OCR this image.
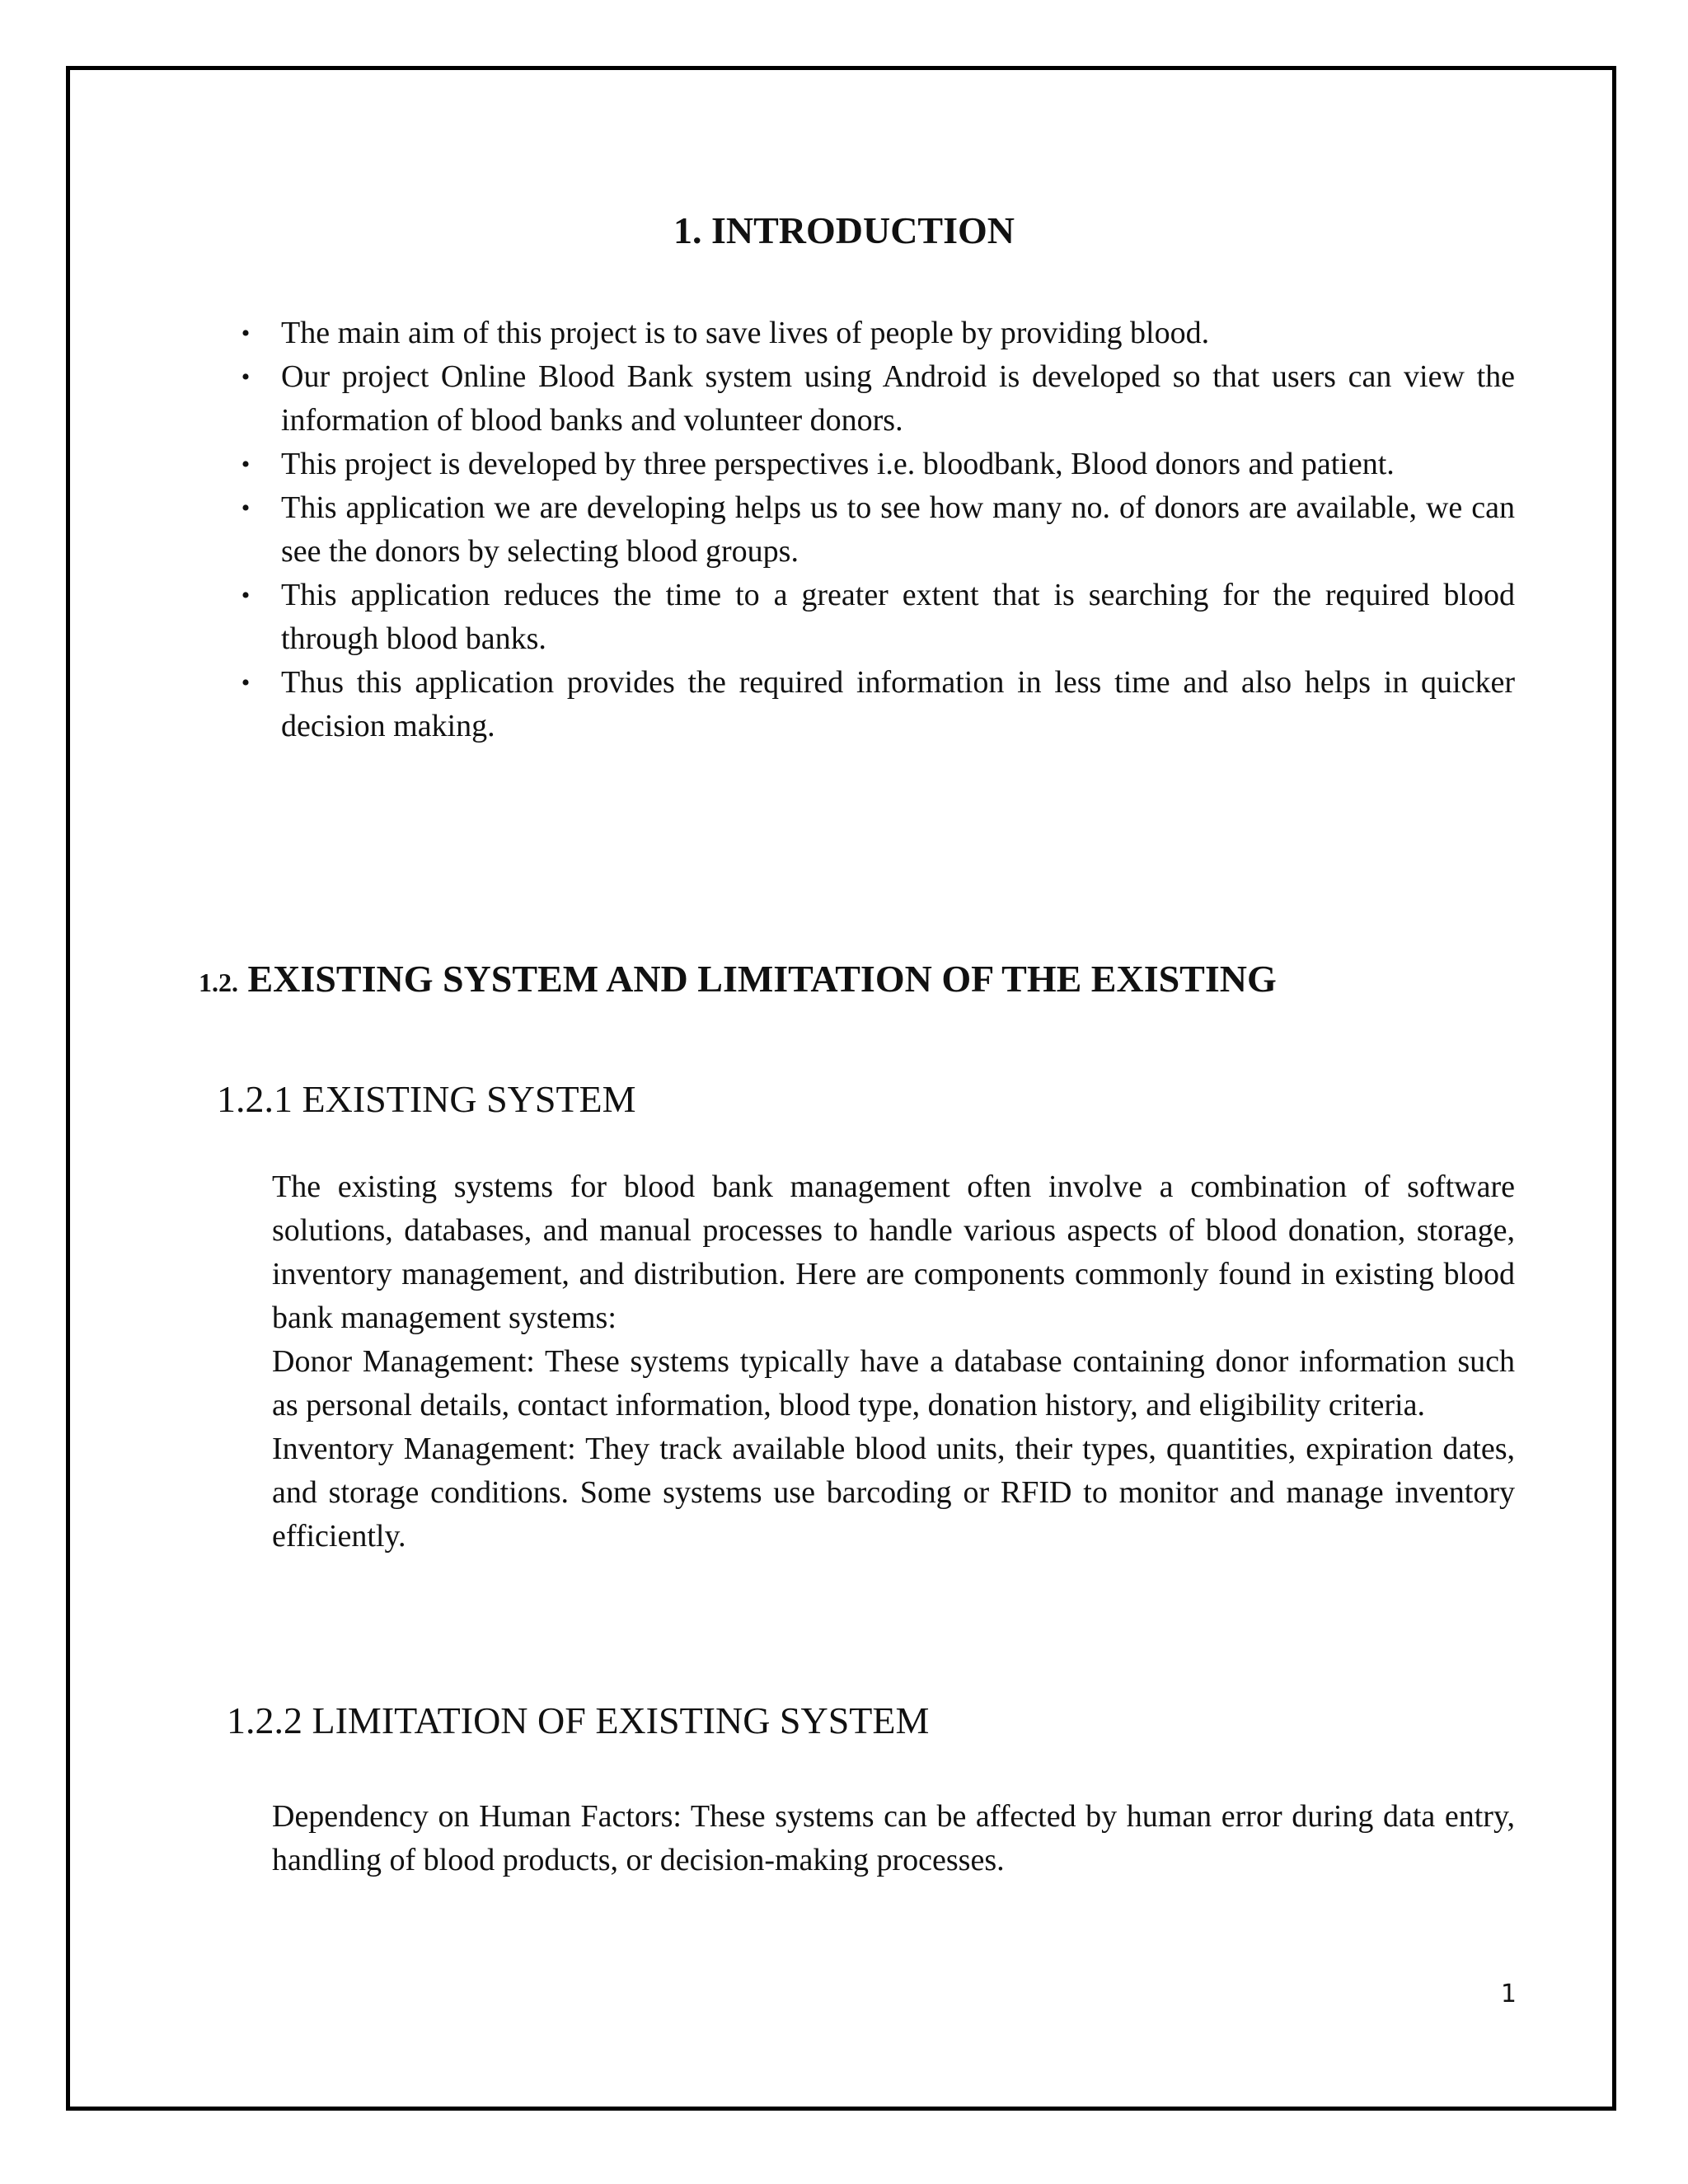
1. INTRODUCTION
• The main aim of this project is to save lives of people by providing blood.
• Our project Online Blood Bank system using Android is developed so that users can view the information of blood banks and volunteer donors.
• This project is developed by three perspectives i.e. bloodbank, Blood donors and patient.
• This application we are developing helps us to see how many no. of donors are available, we can see the donors by selecting blood groups.
• This application reduces the time to a greater extent that is searching for the required blood through blood banks.
• Thus this application provides the required information in less time and also helps in quicker decision making.
1.2. EXISTING SYSTEM AND LIMITATION OF THE EXISTING
1.2.1 EXISTING SYSTEM

The existing systems for blood bank management often involve a combination of software solutions, databases, and manual processes to handle various aspects of blood donation, storage, inventory management, and distribution. Here are components commonly found in existing blood bank management systems:

Donor Management: These systems typically have a database containing donor information such as personal details, contact information, blood type, donation history, and eligibility criteria.

Inventory Management: They track available blood units, their types, quantities, expiration dates, and storage conditions. Some systems use barcoding or RFID to monitor and manage inventory efficiently.

1.2.2 LIMITATION OF EXISTING SYSTEM

Dependency on Human Factors: These systems can be affected by human error during data entry, handling of blood products, or decision-making processes.

1
